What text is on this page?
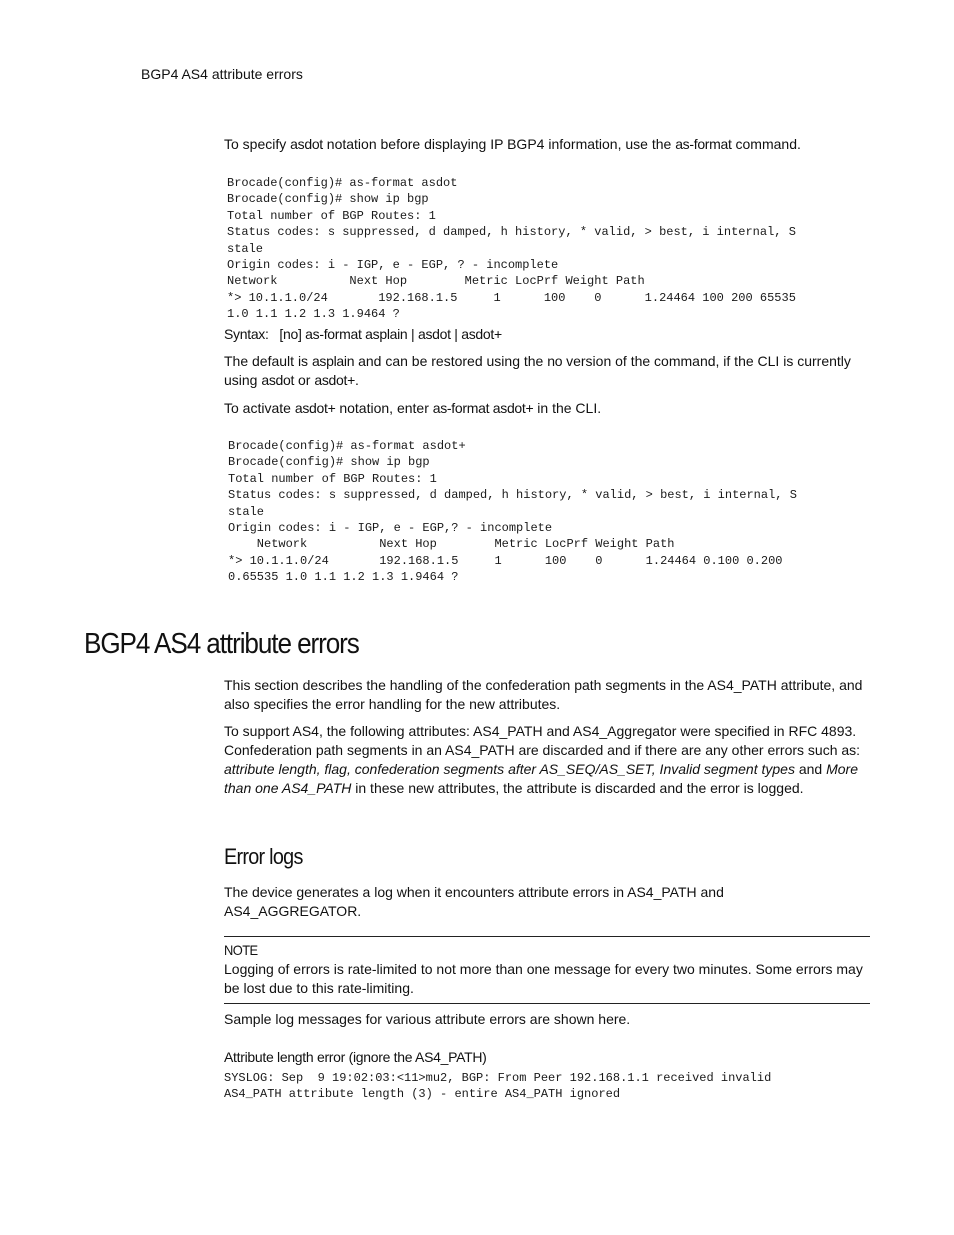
BGP4 AS4 attribute errors

To specify asdot notation before displaying IP BGP4 information, use the as-format command.

Brocade(config)# as-format asdot
Brocade(config)# show ip bgp
Total number of BGP Routes: 1
Status codes: s suppressed, d damped, h history, * valid, > best, i internal, S
stale
Origin codes: i - IGP, e - EGP, ? - incomplete
Network          Next Hop        Metric LocPrf Weight Path
*> 10.1.1.0/24       192.168.1.5     1      100    0      1.24464 100 200 65535
1.0 1.1 1.2 1.3 1.9464 ?
Syntax: [no] as-format asplain | asdot | asdot+

The default is asplain and can be restored using the no version of the command, if the CLI is currently using asdot or asdot+.

To activate asdot+ notation, enter as-format asdot+ in the CLI.

Brocade(config)# as-format asdot+
Brocade(config)# show ip bgp
Total number of BGP Routes: 1
Status codes: s suppressed, d damped, h history, * valid, > best, i internal, S
stale
Origin codes: i - IGP, e - EGP,? - incomplete
Network          Next Hop        Metric LocPrf Weight Path
*> 10.1.1.0/24       192.168.1.5     1      100    0      1.24464 0.100 0.200
0.65535 1.0 1.1 1.2 1.3 1.9464 ?
BGP4 AS4 attribute errors

This section describes the handling of the confederation path segments in the AS4_PATH attribute, and also specifies the error handling for the new attributes.

To support AS4, the following attributes: AS4_PATH and AS4_Aggregator were specified in RFC 4893. Confederation path segments in an AS4_PATH are discarded and if there are any other errors such as: attribute length, flag, confederation segments after AS_SEQ/AS_SET, Invalid segment types and More than one AS4_PATH in these new attributes, the attribute is discarded and the error is logged.

Error logs

The device generates a log when it encounters attribute errors in AS4_PATH and AS4_AGGREGATOR.

NOTE

Logging of errors is rate-limited to not more than one message for every two minutes. Some errors may be lost due to this rate-limiting.

Sample log messages for various attribute errors are shown here.

Attribute length error (ignore the AS4_PATH)
SYSLOG: Sep  9 19:02:03:<11>mu2, BGP: From Peer 192.168.1.1 received invalid
AS4_PATH attribute length (3) - entire AS4_PATH ignored
